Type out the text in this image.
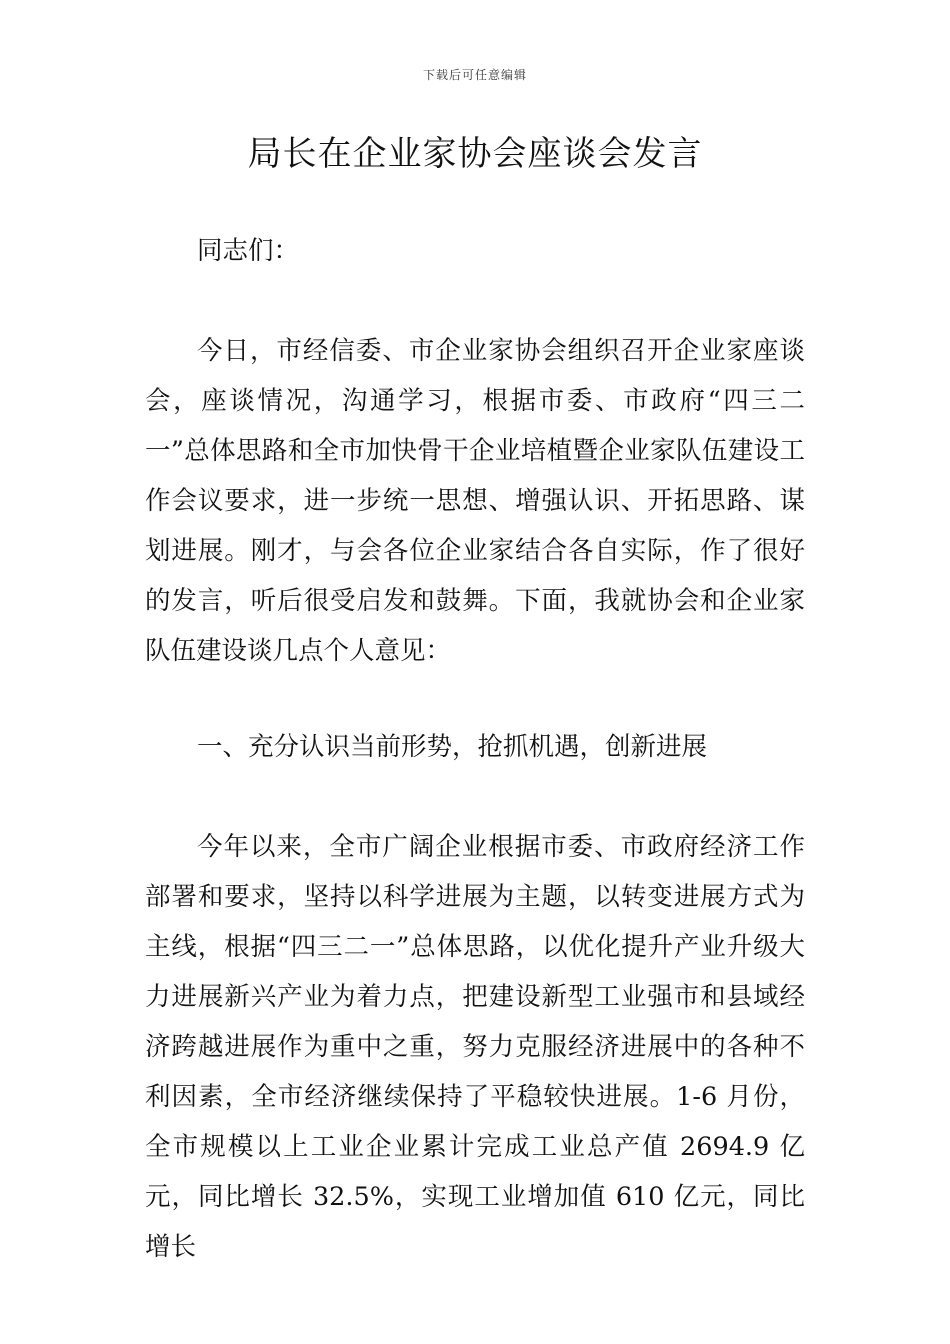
下载后可任意编辑
局长在企业家协会座谈会发言

同志们：

今日，市经信委、市企业家协会组织召开企业家座谈会，座谈情况，沟通学习，根据市委、市政府“四三二一”总体思路和全市加快骨干企业培植暨企业家队伍建设工作会议要求，进一步统一思想、增强认识、开拓思路、谋划进展。刚才，与会各位企业家结合各自实际，作了很好的发言，听后很受启发和鼓舞。下面，我就协会和企业家队伍建设谈几点个人意见：

一、充分认识当前形势，抢抓机遇，创新进展

今年以来，全市广阔企业根据市委、市政府经济工作部署和要求，坚持以科学进展为主题，以转变进展方式为主线，根据“四三二一”总体思路，以优化提升产业升级大力进展新兴产业为着力点，把建设新型工业强市和县域经济跨越进展作为重中之重，努力克服经济进展中的各种不利因素，全市经济继续保持了平稳较快进展。1-6 月份，全市规模以上工业企业累计完成工业总产值 2694.9 亿元，同比增长 32.5%，实现工业增加值 610 亿元，同比增长
